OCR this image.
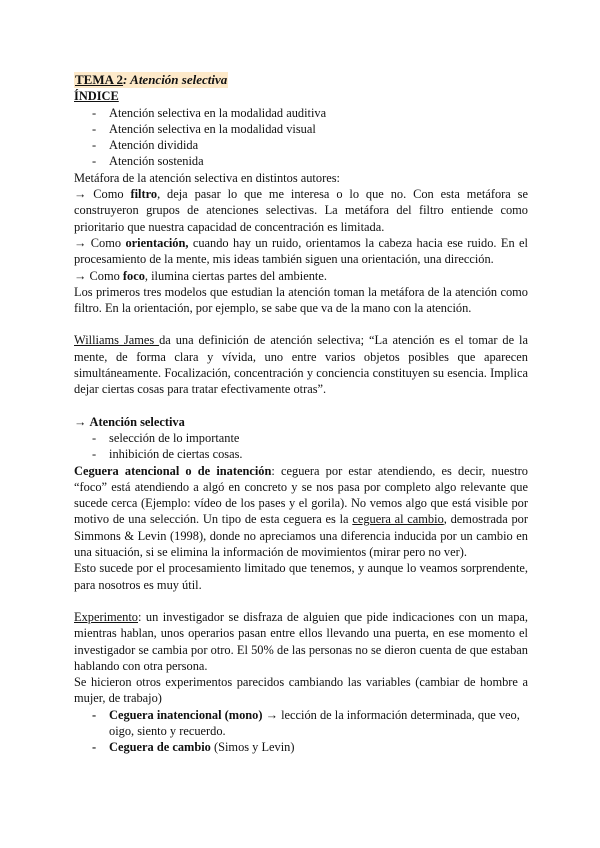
TEMA 2: Atención selectiva
ÍNDICE
- Atención selectiva en la modalidad auditiva
- Atención selectiva en la modalidad visual
- Atención dividida
- Atención sostenida

Metáfora de la atención selectiva en distintos autores:

→ Como filtro, deja pasar lo que me interesa o lo que no. Con esta metáfora se construyeron grupos de atenciones selectivas. La metáfora del filtro entiende como prioritario que nuestra capacidad de concentración es limitada.

→ Como orientación, cuando hay un ruido, orientamos la cabeza hacia ese ruido. En el procesamiento de la mente, mis ideas también siguen una orientación, una dirección.

→ Como foco, ilumina ciertas partes del ambiente.

Los primeros tres modelos que estudian la atención toman la metáfora de la atención como filtro. En la orientación, por ejemplo, se sabe que va de la mano con la atención.

Williams James da una definición de atención selectiva; “La atención es el tomar de la mente, de forma clara y vívida, uno entre varios objetos posibles que aparecen simultáneamente. Focalización, concentración y conciencia constituyen su esencia. Implica dejar ciertas cosas para tratar efectivamente otras”.

→ Atención selectiva

- selección de lo importante
- inhibición de ciertas cosas.

Ceguera atencional o de inatención: ceguera por estar atendiendo, es decir, nuestro “foco” está atendiendo a algó en concreto y se nos pasa por completo algo relevante que sucede cerca (Ejemplo: vídeo de los pases y el gorila). No vemos algo que está visible por motivo de una selección. Un tipo de esta ceguera es la ceguera al cambio, demostrada por Simmons & Levin (1998), donde no apreciamos una diferencia inducida por un cambio en una situación, si se elimina la información de movimientos (mirar pero no ver).

Esto sucede por el procesamiento limitado que tenemos, y aunque lo veamos sorprendente, para nosotros es muy útil.

Experimento: un investigador se disfraza de alguien que pide indicaciones con un mapa, mientras hablan, unos operarios pasan entre ellos llevando una puerta, en ese momento el investigador se cambia por otro. El 50% de las personas no se dieron cuenta de que estaban hablando con otra persona.

Se hicieron otros experimentos parecidos cambiando las variables (cambiar de hombre a mujer, de trabajo)

- Ceguera inatencional (mono) → lección de la información determinada, que veo, oigo, siento y recuerdo.
- Ceguera de cambio (Simos y Levin)
